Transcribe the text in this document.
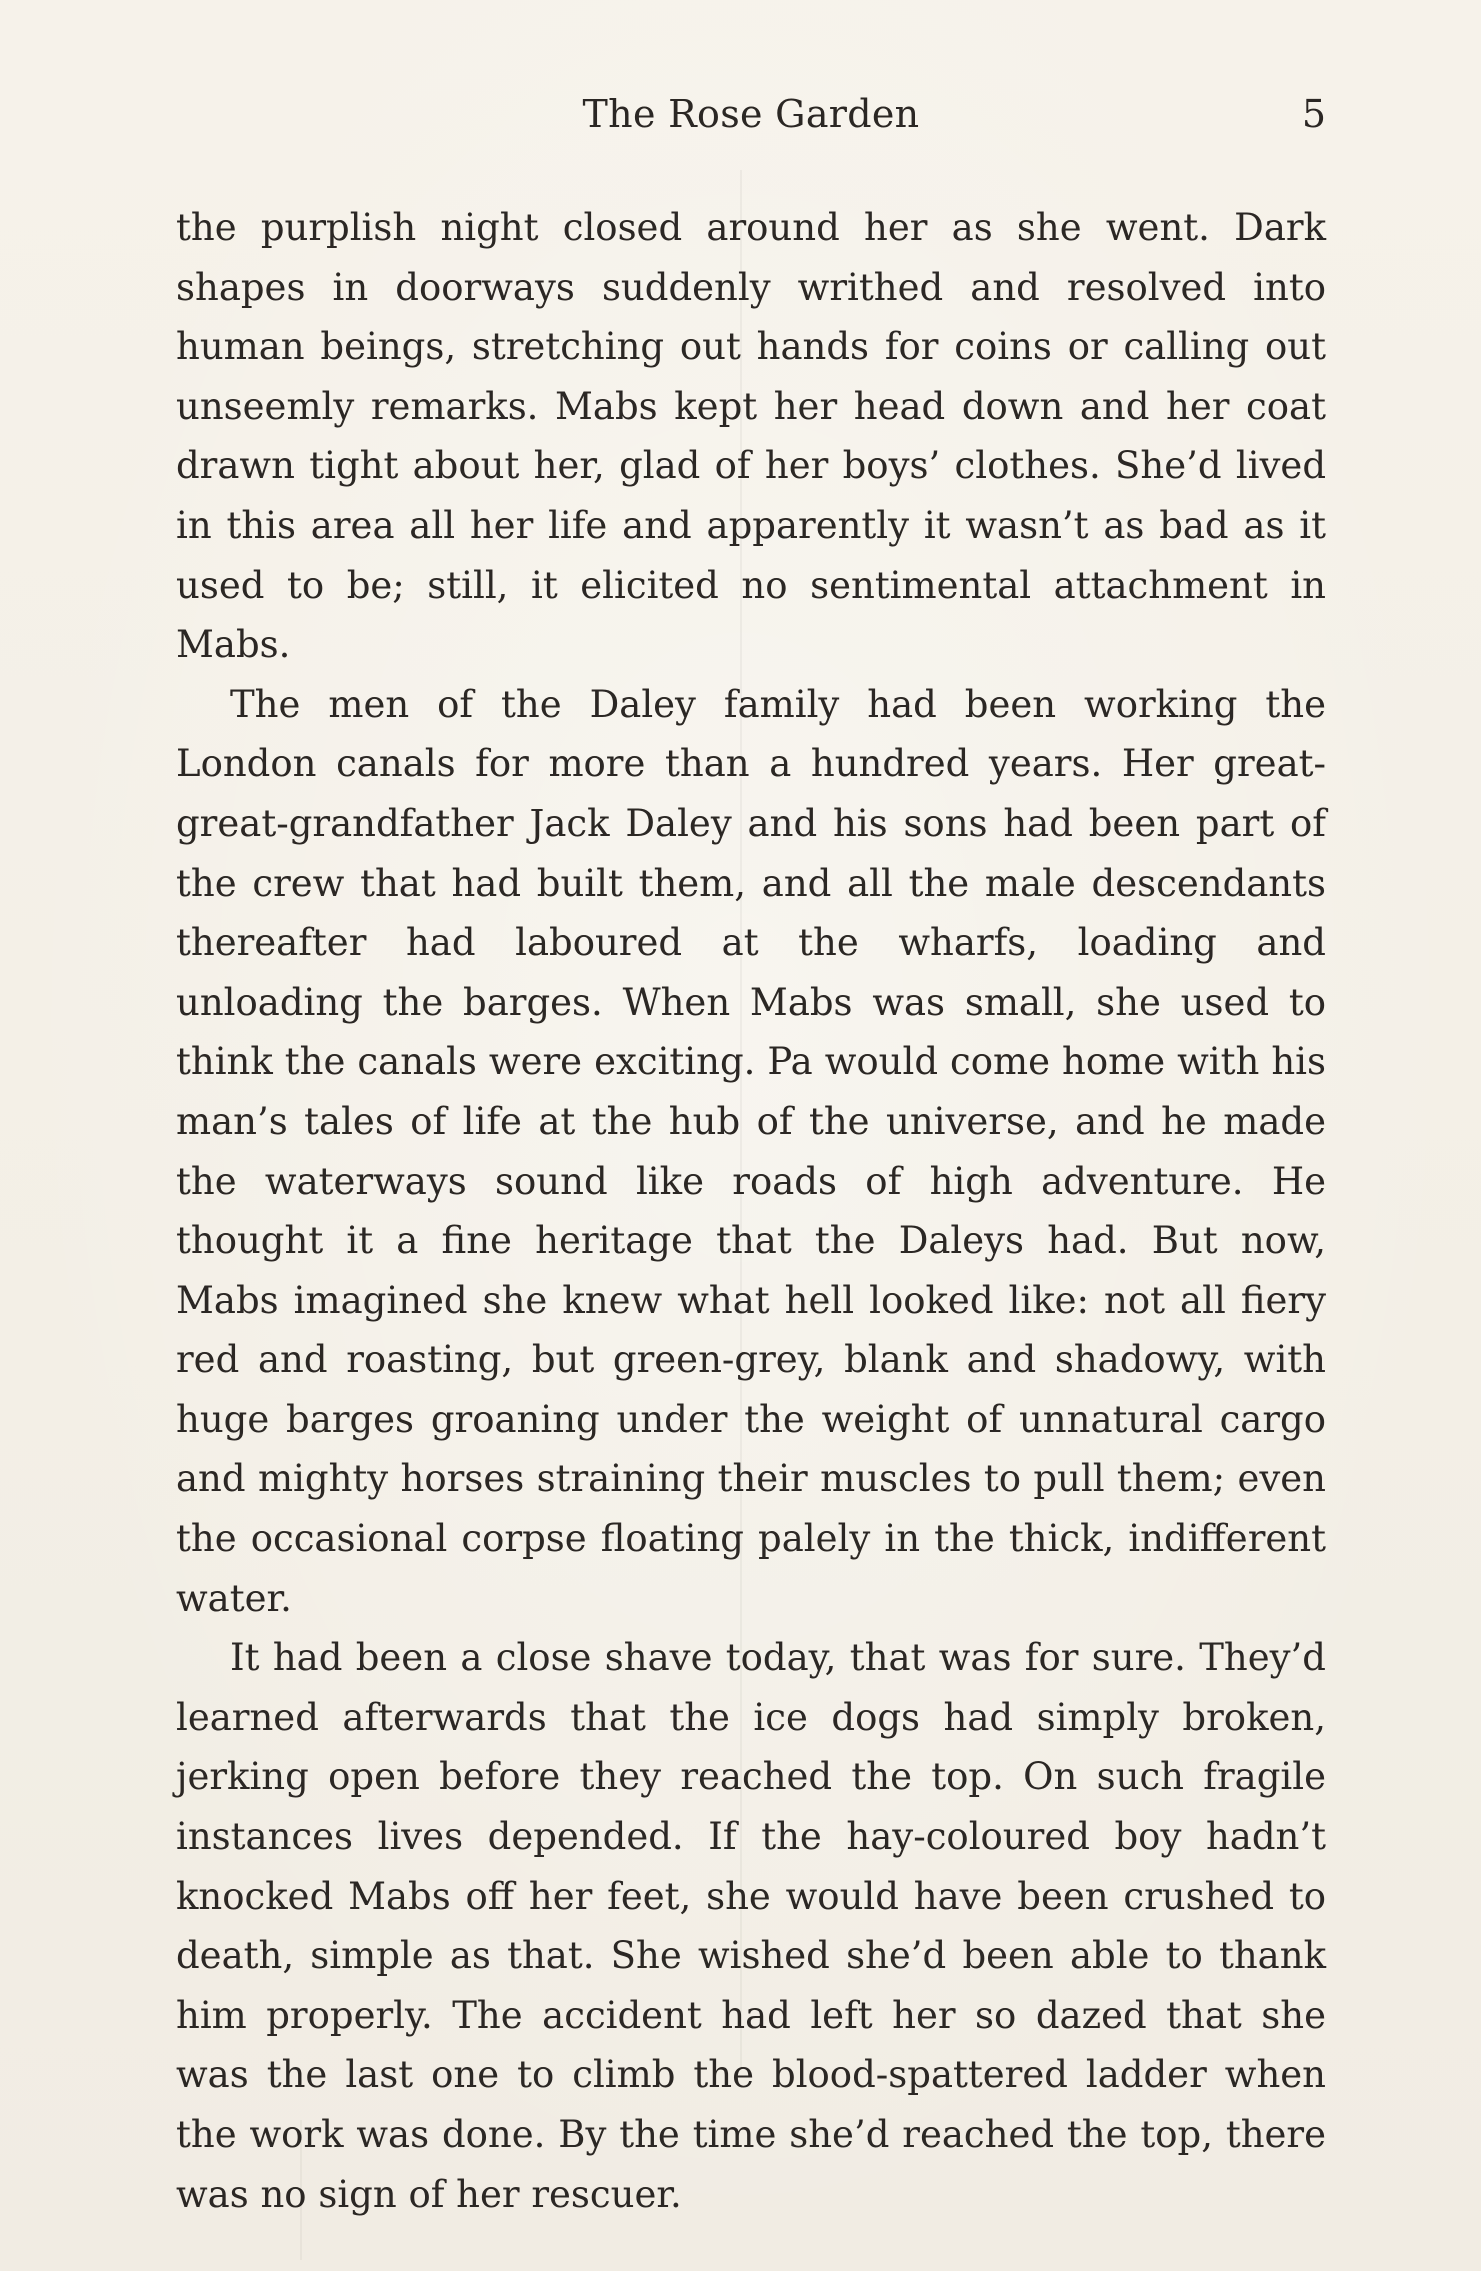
The Rose Garden	5

the purplish night closed around her as she went. Dark shapes in doorways suddenly writhed and resolved into human beings, stretching out hands for coins or calling out unseemly remarks. Mabs kept her head down and her coat drawn tight about her, glad of her boys’ clothes. She’d lived in this area all her life and apparently it wasn’t as bad as it used to be; still, it elicited no sentimental attachment in Mabs.

The men of the Daley family had been working the London canals for more than a hundred years. Her great-great-grandfather Jack Daley and his sons had been part of the crew that had built them, and all the male descendants thereafter had laboured at the wharfs, loading and unloading the barges. When Mabs was small, she used to think the canals were exciting. Pa would come home with his man’s tales of life at the hub of the universe, and he made the waterways sound like roads of high adventure. He thought it a fine heritage that the Daleys had. But now, Mabs imagined she knew what hell looked like: not all fiery red and roasting, but green-grey, blank and shadowy, with huge barges groaning under the weight of unnatural cargo and mighty horses straining their muscles to pull them; even the occasional corpse floating palely in the thick, indifferent water.

It had been a close shave today, that was for sure. They’d learned afterwards that the ice dogs had simply broken, jerking open before they reached the top. On such fragile instances lives depended. If the hay-coloured boy hadn’t knocked Mabs off her feet, she would have been crushed to death, simple as that. She wished she’d been able to thank him properly. The accident had left her so dazed that she was the last one to climb the blood-spattered ladder when the work was done. By the time she’d reached the top, there was no sign of her rescuer.
